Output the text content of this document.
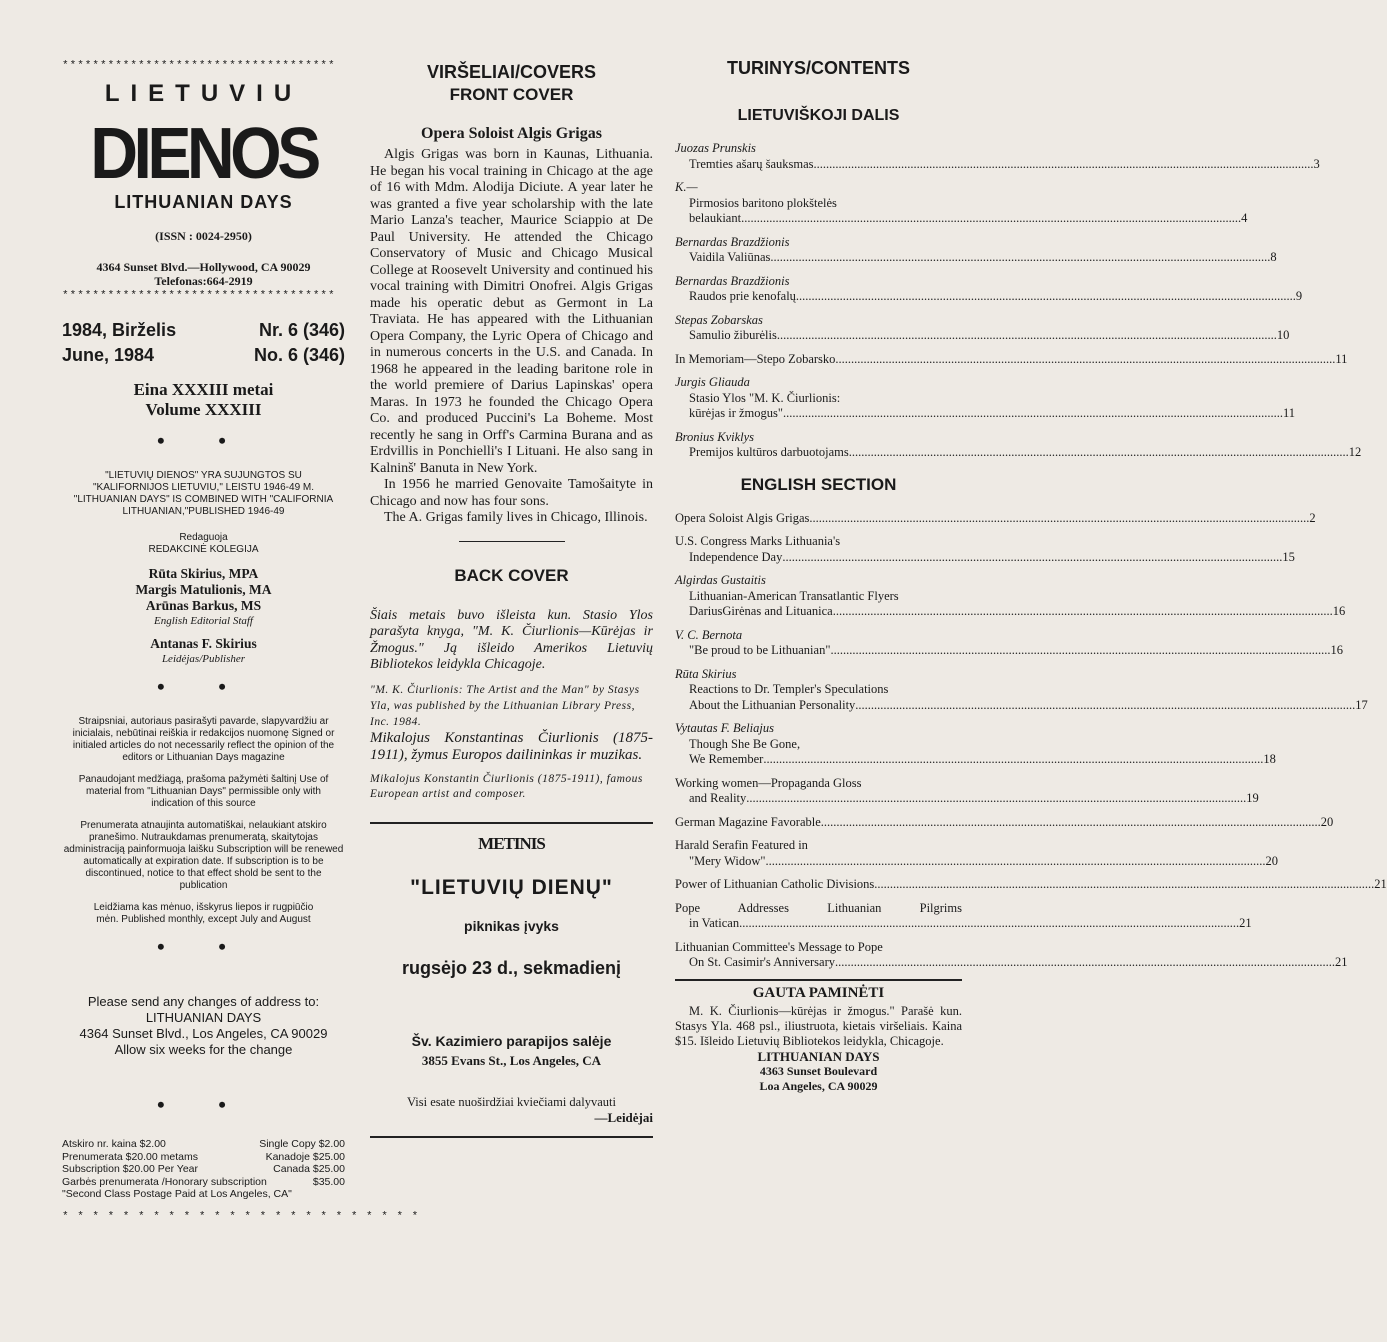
************************************
LIETUVIU
DIENOS
LITHUANIAN DAYS
(ISSN : 0024-2950)
4364 Sunset Blvd.—Hollywood, CA 90029
Telefonas:664-2919
************************************
1984, Birželis	Nr. 6 (346)
June, 1984	No. 6 (346)
Eina XXXIII metai
Volume XXXIII
• •
"LIETUVIŲ DIENOS" YRA SUJUNGTOS SU "KALIFORNIJOS LIETUVIU," LEISTU 1946-49 M. "LITHUANIAN DAYS" IS COMBINED WITH "CALIFORNIA LITHUANIAN,"PUBLISHED 1946-49
Redaguoja
REDAKCINĖ KOLEGIJA
Rūta Skirius, MPA
Margis Matulionis, MA
Arūnas Barkus, MS
English Editorial Staff
Antanas F. Skirius
Leidėjas/Publisher
• •
Straipsniai, autoriaus pasirašyti pavarde, slapyvardžiu ar inicialais, nebūtinai reiškia ir redakcijos nuomonę Signed or initialed articles do not necessarily reflect the opinion of the editors or Lithuanian Days magazine
Panaudojant medžiagą, prašoma pažymėti šaltinį Use of material from "Lithuanian Days" permissible only with indication of this source
Prenumerata atnaujinta automatiškai, nelaukiant atskiro pranešimo. Nutraukdamas prenumeratą, skaitytojas administraciją painformuoja laišku Subscription will be renewed automatically at expiration date. If subscription is to be discontinued, notice to that effect shold be sent to the publication
Leidžiama kas mėnuo, išskyrus liepos ir rugpiūčio mėn. Published monthly, except July and August
• •
Please send any changes of address to:
LITHUANIAN DAYS
4364 Sunset Blvd., Los Angeles, CA 90029
Allow six weeks for the change
• •
Atskiro nr. kaina $2.00	Single Copy $2.00
Prenumerata $20.00 metams	Kanadoje $25.00
Subscription $20.00 Per Year	Canada $25.00
Garbės prenumerata /Honorary subscription	$35.00
"Second Class Postage Paid at Los Angeles, CA"
* * * * * * * * * * * * * * * * * * * * * * * *
VIRŠELIAI/COVERS
FRONT COVER
Opera Soloist Algis Grigas

Algis Grigas was born in Kaunas, Lithuania. He began his vocal training in Chicago at the age of 16 with Mdm. Alodija Diciute. A year later he was granted a five year scholarship with the late Mario Lanza's teacher, Maurice Sciappio at De Paul University. He attended the Chicago Conservatory of Music and Chicago Musical College at Roosevelt University and continued his vocal training with Dimitri Onofrei. Algis Grigas made his operatic debut as Germont in La Traviata. He has appeared with the Lithuanian Opera Company, the Lyric Opera of Chicago and in numerous concerts in the U.S. and Canada. In 1968 he appeared in the leading baritone role in the world premiere of Darius Lapinskas' opera Maras. In 1973 he founded the Chicago Opera Co. and produced Puccini's La Boheme. Most recently he sang in Orff's Carmina Burana and as Erdvillis in Ponchielli's I Lituani. He also sang in Kalninš' Banuta in New York.

In 1956 he married Genovaite Tamošaityte in Chicago and now has four sons.

The A. Grigas family lives in Chicago, Illinois.

BACK COVER

Šiais metais buvo išleista kun. Stasio Ylos parašyta knyga, "M. K. Čiurlionis—Kūrėjas ir Žmogus." Ją išleido Amerikos Lietuvių Bibliotekos leidykla Chicagoje.

"M. K. Čiurlionis: The Artist and the Man" by Stasys Yla, was published by the Lithuanian Library Press, Inc. 1984.

Mikalojus Konstantinas Čiurlionis (1875-1911), žymus Europos dailininkas ir muzikas.

Mikalojus Konstantin Čiurlionis (1875-1911), famous European artist and composer.

METINIS
"LIETUVIŲ DIENŲ"
piknikas įvyks
rugsėjo 23 d., sekmadienį
Šv. Kazimiero parapijos salėje
3855 Evans St., Los Angeles, CA
Visi esate nuoširdžiai kviečiami dalyvauti
—Leidėjai
TURINYS/CONTENTS
LIETUVIŠKOJI DALIS
Juozas Prunskis
Tremties ašarų šauksmas .....	3
K.—
Pirmosios baritono plokštelės
belaukiant .....	4
Bernardas Brazdžionis
Vaidila Valiūnas .....	8
Bernardas Brazdžionis
Raudos prie kenofalų .....	9
Stepas Zobarskas
Samulio žiburėlis .....	10
In Memoriam—Stepo Zobarsko .....	11
Jurgis Gliauda
Stasio Ylos "M. K. Čiurlionis:
kūrėjas ir žmogus" .....	11
Bronius Kviklys
Premijos kultūros darbuotojams .....	12
ENGLISH SECTION
Opera Soloist Algis Grigas .....	2
U.S. Congress Marks Lithuania's
Independence Day .....	15
Algirdas Gustaitis
Lithuanian-American Transatlantic Flyers
DariusGirėnas and Lituanica .....	16
V. C. Bernota
"Be proud to be Lithuanian" .....	16
Rūta Skirius
Reactions to Dr. Templer's Speculations
About the Lithuanian Personality .....	17
Vytautas F. Beliajus
Though She Be Gone,
We Remember .....	18
Working women—Propaganda Gloss
and Reality .....	19
German Magazine Favorable .....	20
Harald Serafin Featured in
"Mery Widow" .....	20
Power of Lithuanian Catholic Divisions .....	21
Pope Addresses Lithuanian Pilgrims
in Vatican .....	21
Lithuanian Committee's Message to Pope
On St. Casimir's Anniversary .....	21
GAUTA PAMINĖTI

M. K. Čiurlionis—kūrėjas ir žmogus." Parašė kun. Stasys Yla. 468 psl., iliustruota, kietais viršeliais. Kaina $15. Išleido Lietuvių Bibliotekos leidykla, Chicagoje.

LITHUANIAN DAYS
4363 Sunset Boulevard
Loa Angeles, CA 90029
